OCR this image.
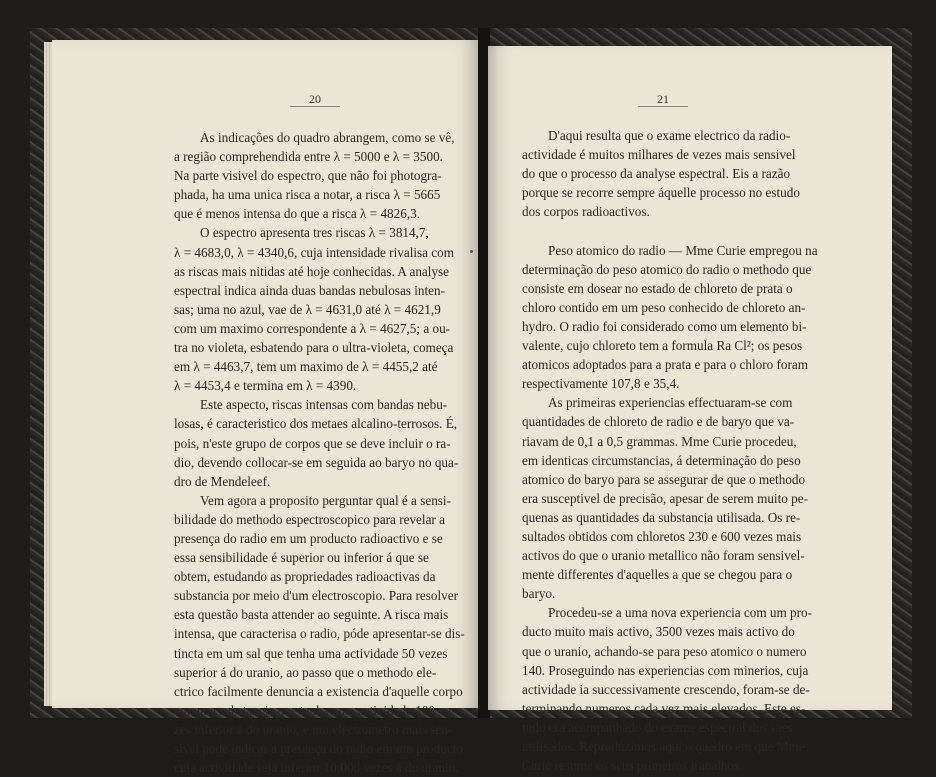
20	21
As indicações do quadro abrangem, como se vê,
a região comprehendida entre λ = 5000 e λ = 3500.
Na parte visivel do espectro, que não foi photogra-
phada, ha uma unica risca a notar, a risca λ = 5665
que é menos intensa do que a risca λ = 4826,3.
O espectro apresenta tres riscas λ = 3814,7,
λ = 4683,0, λ = 4340,6, cuja intensidade rivalisa com
as riscas mais nitidas até hoje conhecidas. A analyse
espectral indica ainda duas bandas nebulosas inten-
sas; uma no azul, vae de λ = 4631,0 até λ = 4621,9
com um maximo correspondente a λ = 4627,5; a ou-
tra no violeta, esbatendo para o ultra-violeta, começa
em λ = 4463,7, tem um maximo de λ = 4455,2 até
λ = 4453,4 e termina em λ = 4390.
Este aspecto, riscas intensas com bandas nebu-
losas, é caracteristico dos metaes alcalino-terrosos. É,
pois, n'este grupo de corpos que se deve incluir o ra-
dio, devendo collocar-se em seguida ao baryo no qua-
dro de Mendeleef.
Vem agora a proposito perguntar qual é a sensi-
bilidade do methodo espectroscopico para revelar a
presença do radio em um producto radioactivo e se
essa sensibilidade é superior ou inferior á que se
obtem, estudando as propriedades radioactivas da
substancia por meio d'um electroscopio. Para resolver
esta questão basta attender ao seguinte. A risca mais
intensa, que caracterisa o radio, póde apresentar-se dis-
tincta em um sal que tenha uma actividade 50 vezes
superior á do uranio, ao passo que o methodo ele-
ctrico facilmente denuncia a existencia d'aquelle corpo
em uma substancia que tenha uma actividade 100 ve-
zes inferior á do uranio, e um electrometro mais sen-
sivel póde indicar a presença do radio em um producto
cuja actividade seja inferior 10:000 vezes á do uranio.
D'aqui resulta que o exame electrico da radio-
actividade é muitos milhares de vezes mais sensivel
do que o processo da analyse espectral. Eis a razão
porque se recorre sempre áquelle processo no estudo
dos corpos radioactivos.

Peso atomico do radio — Mme Curie empregou na
determinação do peso atomico do radio o methodo que
consiste em dosear no estado de chloreto de prata o
chloro contido em um peso conhecido de chloreto an-
hydro. O radio foi considerado como um elemento bi-
valente, cujo chloreto tem a formula Ra Cl²; os pesos
atomicos adoptados para a prata e para o chloro foram
respectivamente 107,8 e 35,4.
As primeiras experiencias effectuaram-se com
quantidades de chloreto de radio e de baryo que va-
riavam de 0,1 a 0,5 grammas. Mme Curie procedeu,
em identicas circumstancias, á determinação do peso
atomico do baryo para se assegurar de que o methodo
era susceptivel de precisão, apesar de serem muito pe-
quenas as quantidades da substancia utilisada. Os re-
sultados obtidos com chloretos 230 e 600 vezes mais
activos do que o uranio metallico não foram sensivel-
mente differentes d'aquelles a que se chegou para o
baryo.
Procedeu-se a uma nova experiencia com um pro-
ducto muito mais activo, 3500 vezes mais activo do
que o uranio, achando-se para peso atomico o numero
140. Proseguindo nas experiencias com minerios, cuja
actividade ia successivamente crescendo, foram-se de-
terminando numeros cada vez mais elevados. Este es-
tudo era acompanhado do exame espectral dos saes
utilisados. Reproduzimos aqui o quadro em que Mme
Curie resume os seus primeiros trabalhos.
